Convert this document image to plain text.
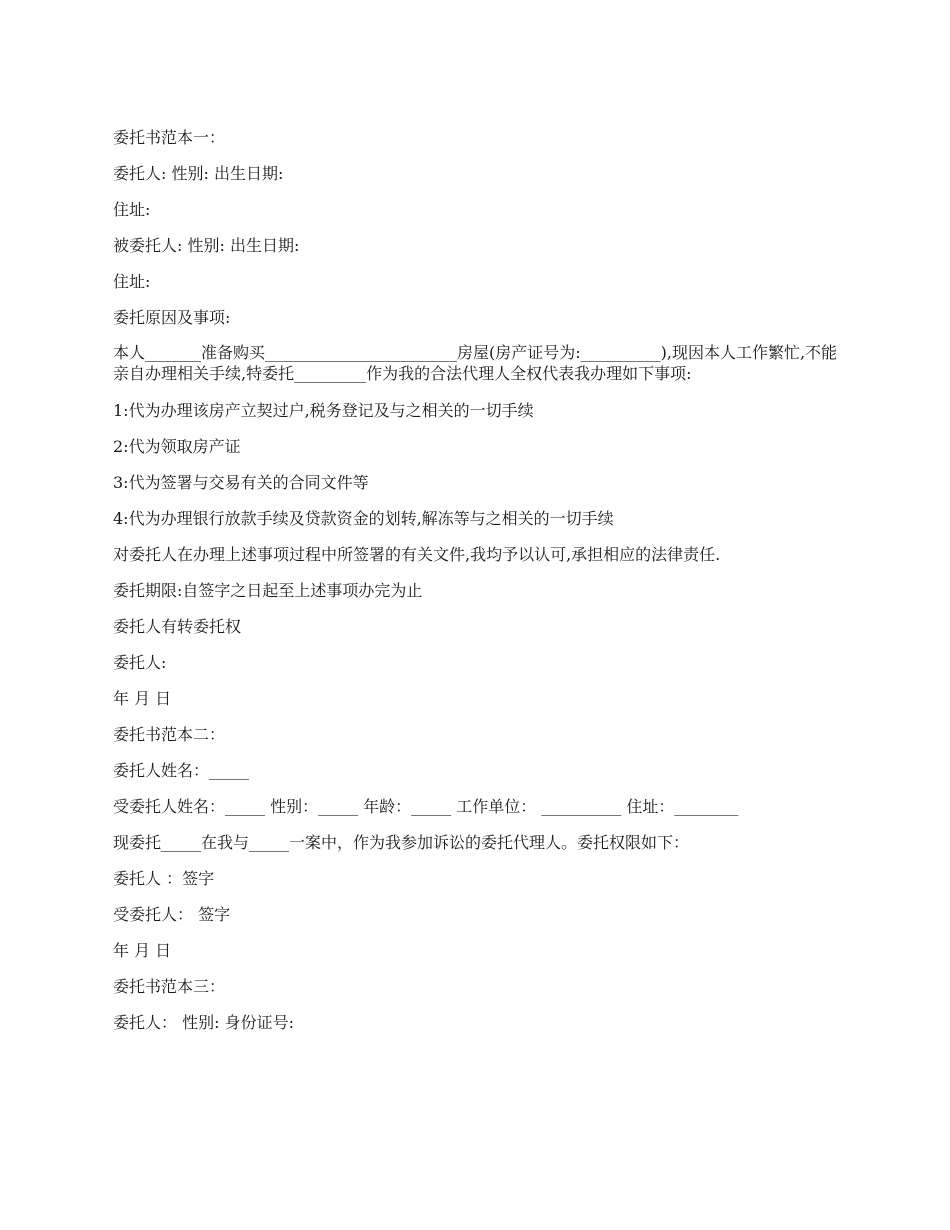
委托书范本一：
委托人: 性别: 出生日期:
住址:
被委托人: 性别: 出生日期:
住址:
委托原因及事项:
本人_______准备购买________________________房屋(房产证号为:__________),现因本人工作繁忙,不能亲自办理相关手续,特委托_________作为我的合法代理人全权代表我办理如下事项:
1:代为办理该房产立契过户,税务登记及与之相关的一切手续
2:代为领取房产证
3:代为签署与交易有关的合同文件等
4:代为办理银行放款手续及贷款资金的划转,解冻等与之相关的一切手续
对委托人在办理上述事项过程中所签署的有关文件,我均予以认可,承担相应的法律责任.
委托期限:自签字之日起至上述事项办完为止
委托人有转委托权
委托人:
年 月 日
委托书范本二：
委托人姓名：_____
受委托人姓名：_____ 性别：_____ 年龄：_____ 工作单位： __________ 住址：________
现委托_____在我与_____一案中，作为我参加诉讼的委托代理人。委托权限如下：
委托人 ：签字
受委托人： 签字
年 月 日
委托书范本三：
委托人： 性别: 身份证号:
